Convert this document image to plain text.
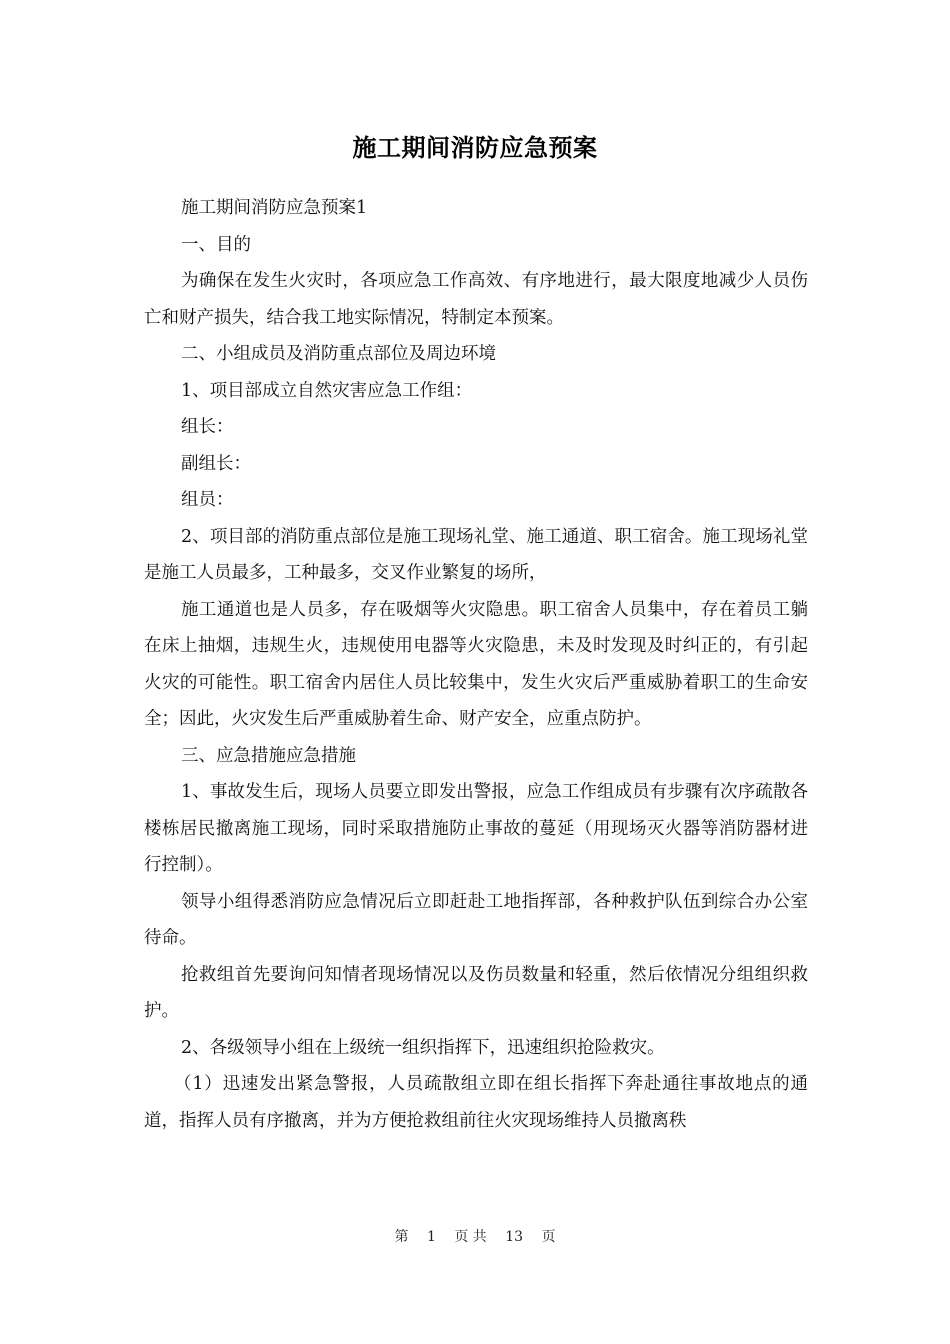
施工期间消防应急预案

施工期间消防应急预案1

一、目的

为确保在发生火灾时，各项应急工作高效、有序地进行，最大限度地减少人员伤亡和财产损失，结合我工地实际情况，特制定本预案。

二、小组成员及消防重点部位及周边环境

1、项目部成立自然灾害应急工作组：

组长：

副组长：

组员：

2、项目部的消防重点部位是施工现场礼堂、施工通道、职工宿舍。施工现场礼堂是施工人员最多，工种最多，交叉作业繁复的场所，

施工通道也是人员多，存在吸烟等火灾隐患。职工宿舍人员集中，存在着员工躺在床上抽烟，违规生火，违规使用电器等火灾隐患，未及时发现及时纠正的，有引起火灾的可能性。职工宿舍内居住人员比较集中，发生火灾后严重威胁着职工的生命安全；因此，火灾发生后严重威胁着生命、财产安全，应重点防护。

三、应急措施应急措施

1、事故发生后，现场人员要立即发出警报，应急工作组成员有步骤有次序疏散各楼栋居民撤离施工现场，同时采取措施防止事故的蔓延（用现场灭火器等消防器材进行控制）。

领导小组得悉消防应急情况后立即赶赴工地指挥部，各种救护队伍到综合办公室待命。

抢救组首先要询问知情者现场情况以及伤员数量和轻重，然后依情况分组组织救护。

2、各级领导小组在上级统一组织指挥下，迅速组织抢险救灾。

（1）迅速发出紧急警报，人员疏散组立即在组长指挥下奔赴通往事故地点的通道，指挥人员有序撤离，并为方便抢救组前往火灾现场维持人员撤离秩

第 1 页 共 13 页
